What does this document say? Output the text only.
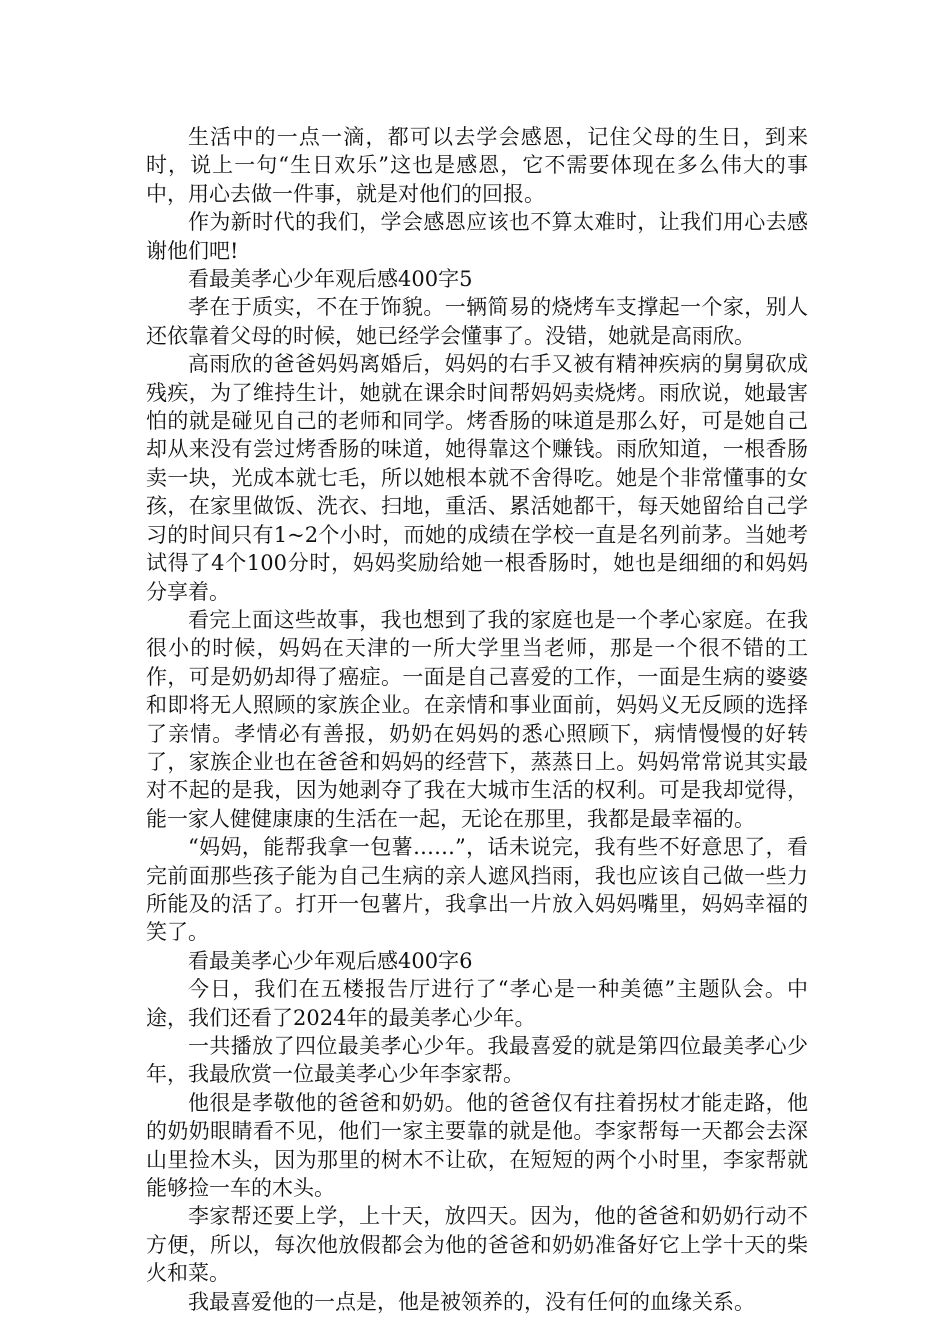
生活中的一点一滴，都可以去学会感恩，记住父母的生日，到来时，说上一句“生日欢乐”这也是感恩，它不需要体现在多么伟大的事中，用心去做一件事，就是对他们的回报。

作为新时代的我们，学会感恩应该也不算太难时，让我们用心去感谢他们吧!

看最美孝心少年观后感400字5

孝在于质实，不在于饰貌。一辆简易的烧烤车支撑起一个家，别人还依靠着父母的时候，她已经学会懂事了。没错，她就是高雨欣。

高雨欣的爸爸妈妈离婚后，妈妈的右手又被有精神疾病的舅舅砍成残疾，为了维持生计，她就在课余时间帮妈妈卖烧烤。雨欣说，她最害怕的就是碰见自己的老师和同学。烤香肠的味道是那么好，可是她自己却从来没有尝过烤香肠的味道，她得靠这个赚钱。雨欣知道，一根香肠卖一块，光成本就七毛，所以她根本就不舍得吃。她是个非常懂事的女孩，在家里做饭、洗衣、扫地，重活、累活她都干，每天她留给自己学习的时间只有1~2个小时，而她的成绩在学校一直是名列前茅。当她考试得了4个100分时，妈妈奖励给她一根香肠时，她也是细细的和妈妈分享着。

看完上面这些故事，我也想到了我的家庭也是一个孝心家庭。在我很小的时候，妈妈在天津的一所大学里当老师，那是一个很不错的工作，可是奶奶却得了癌症。一面是自己喜爱的工作，一面是生病的婆婆和即将无人照顾的家族企业。在亲情和事业面前，妈妈义无反顾的选择了亲情。孝情必有善报，奶奶在妈妈的悉心照顾下，病情慢慢的好转了，家族企业也在爸爸和妈妈的经营下，蒸蒸日上。妈妈常常说其实最对不起的是我，因为她剥夺了我在大城市生活的权利。可是我却觉得，能一家人健健康康的生活在一起，无论在那里，我都是最幸福的。

“妈妈，能帮我拿一包薯……”，话未说完，我有些不好意思了，看完前面那些孩子能为自己生病的亲人遮风挡雨，我也应该自己做一些力所能及的活了。打开一包薯片，我拿出一片放入妈妈嘴里，妈妈幸福的笑了。

看最美孝心少年观后感400字6

今日，我们在五楼报告厅进行了“孝心是一种美德”主题队会。中途，我们还看了2024年的最美孝心少年。

一共播放了四位最美孝心少年。我最喜爱的就是第四位最美孝心少年，我最欣赏一位最美孝心少年李家帮。

他很是孝敬他的爸爸和奶奶。他的爸爸仅有拄着拐杖才能走路，他的奶奶眼睛看不见，他们一家主要靠的就是他。李家帮每一天都会去深山里捡木头，因为那里的树木不让砍，在短短的两个小时里，李家帮就能够捡一车的木头。

李家帮还要上学，上十天，放四天。因为，他的爸爸和奶奶行动不方便，所以，每次他放假都会为他的爸爸和奶奶准备好它上学十天的柴火和菜。

我最喜爱他的一点是，他是被领养的，没有任何的血缘关系。
